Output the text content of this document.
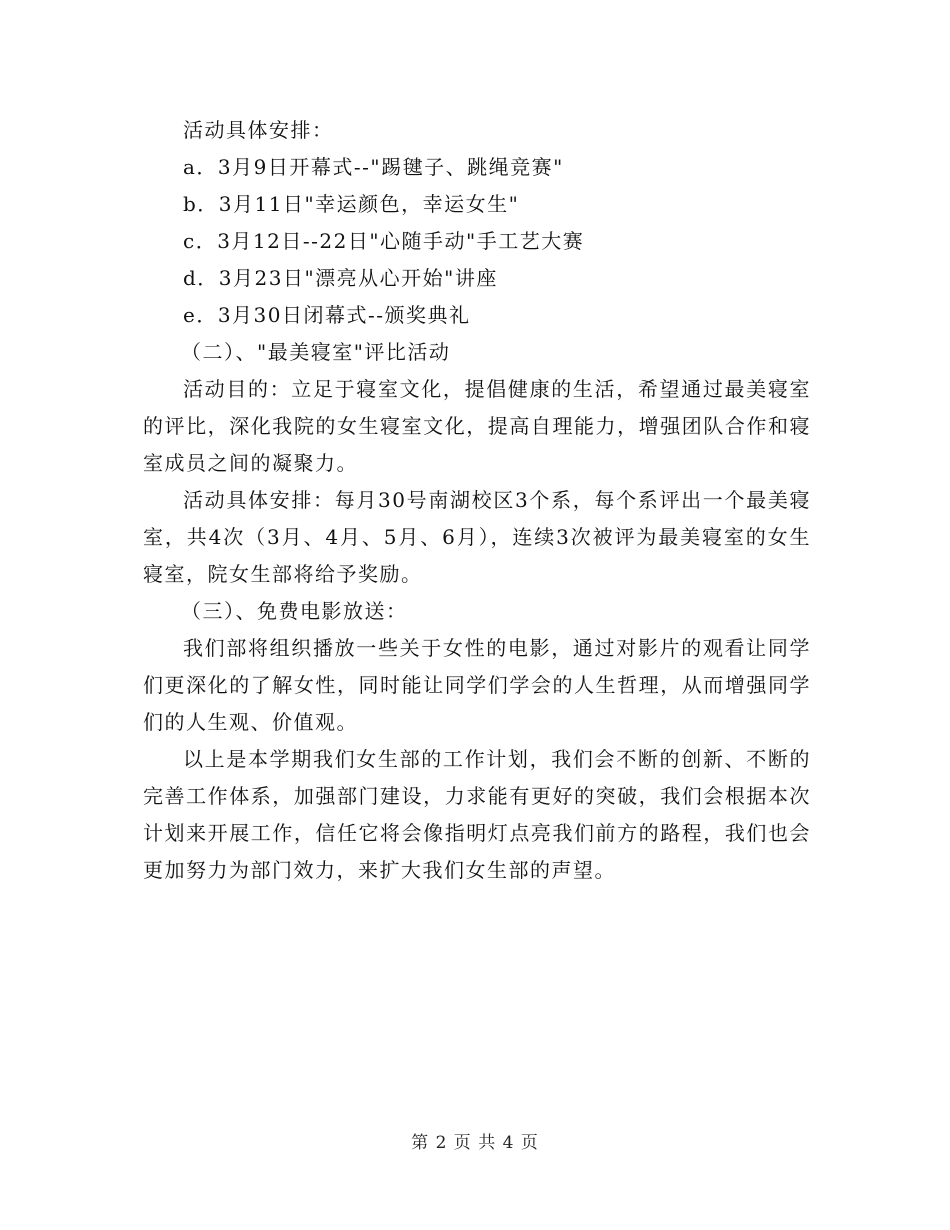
活动具体安排：

a．3月9日开幕式--"踢毽子、跳绳竞赛"

b．3月11日"幸运颜色，幸运女生"

c．3月12日--22日"心随手动"手工艺大赛

d．3月23日"漂亮从心开始"讲座

e．3月30日闭幕式--颁奖典礼

（二）、"最美寝室"评比活动

活动目的：立足于寝室文化，提倡健康的生活，希望通过最美寝室的评比，深化我院的女生寝室文化，提高自理能力，增强团队合作和寝室成员之间的凝聚力。

活动具体安排：每月30号南湖校区3个系，每个系评出一个最美寝室，共4次（3月、4月、5月、6月），连续3次被评为最美寝室的女生寝室，院女生部将给予奖励。

（三）、免费电影放送：

我们部将组织播放一些关于女性的电影，通过对影片的观看让同学们更深化的了解女性，同时能让同学们学会的人生哲理，从而增强同学们的人生观、价值观。

以上是本学期我们女生部的工作计划，我们会不断的创新、不断的完善工作体系，加强部门建设，力求能有更好的突破，我们会根据本次计划来开展工作，信任它将会像指明灯点亮我们前方的路程，我们也会更加努力为部门效力，来扩大我们女生部的声望。

第 2 页 共 4 页
